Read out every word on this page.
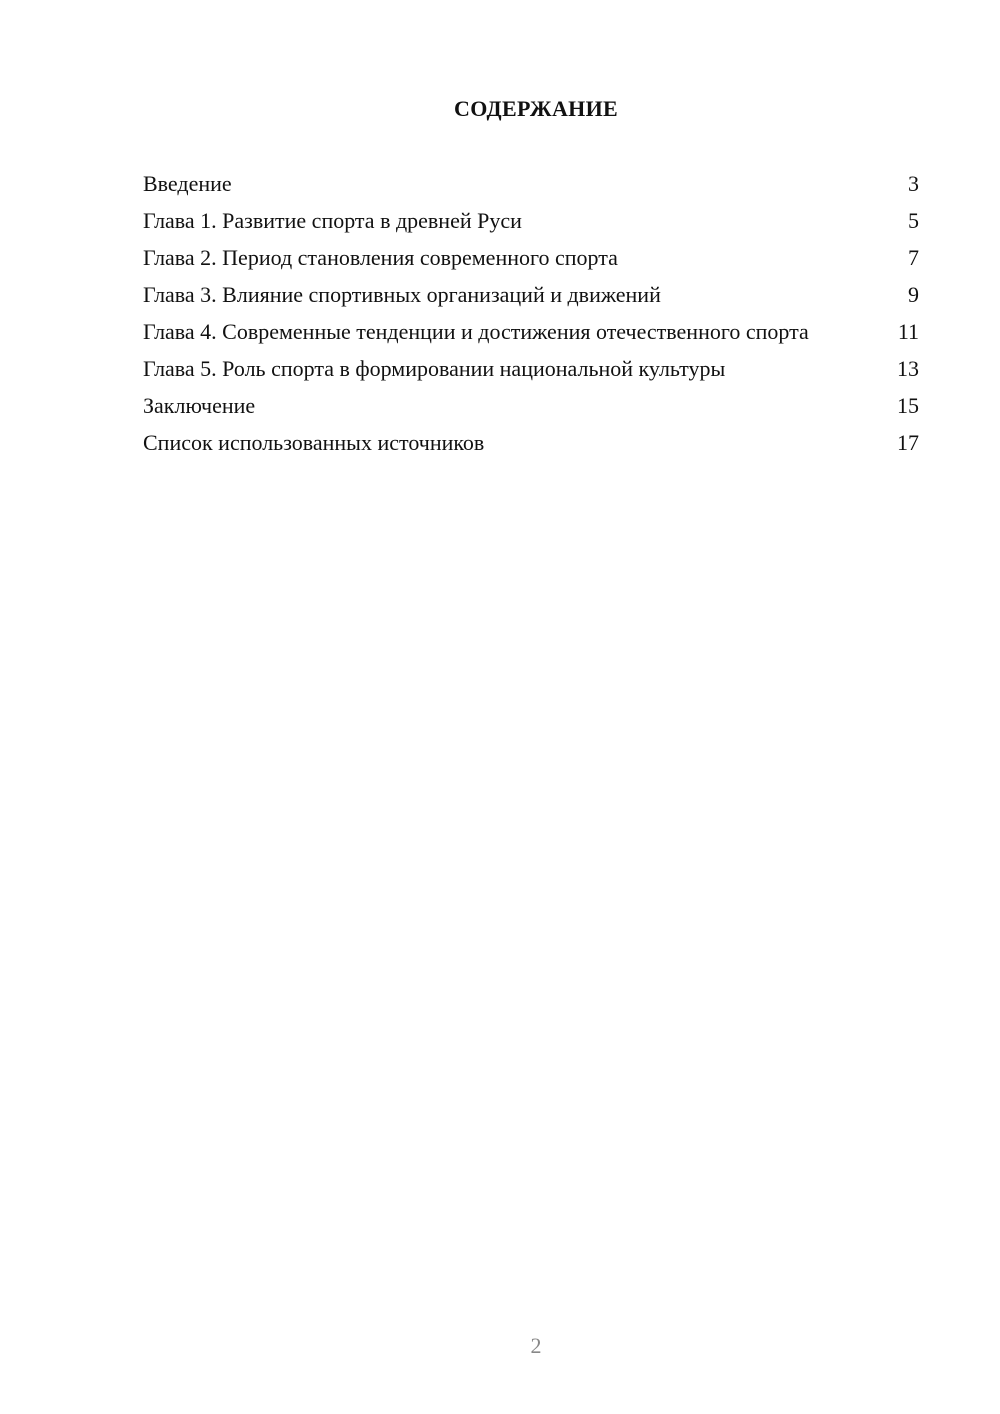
СОДЕРЖАНИЕ
Введение	3
Глава 1. Развитие спорта в древней Руси	5
Глава 2. Период становления современного спорта	7
Глава 3. Влияние спортивных организаций и движений	9
Глава 4. Современные тенденции и достижения отечественного спорта	11
Глава 5. Роль спорта в формировании национальной культуры	13
Заключение	15
Список использованных источников	17
2
